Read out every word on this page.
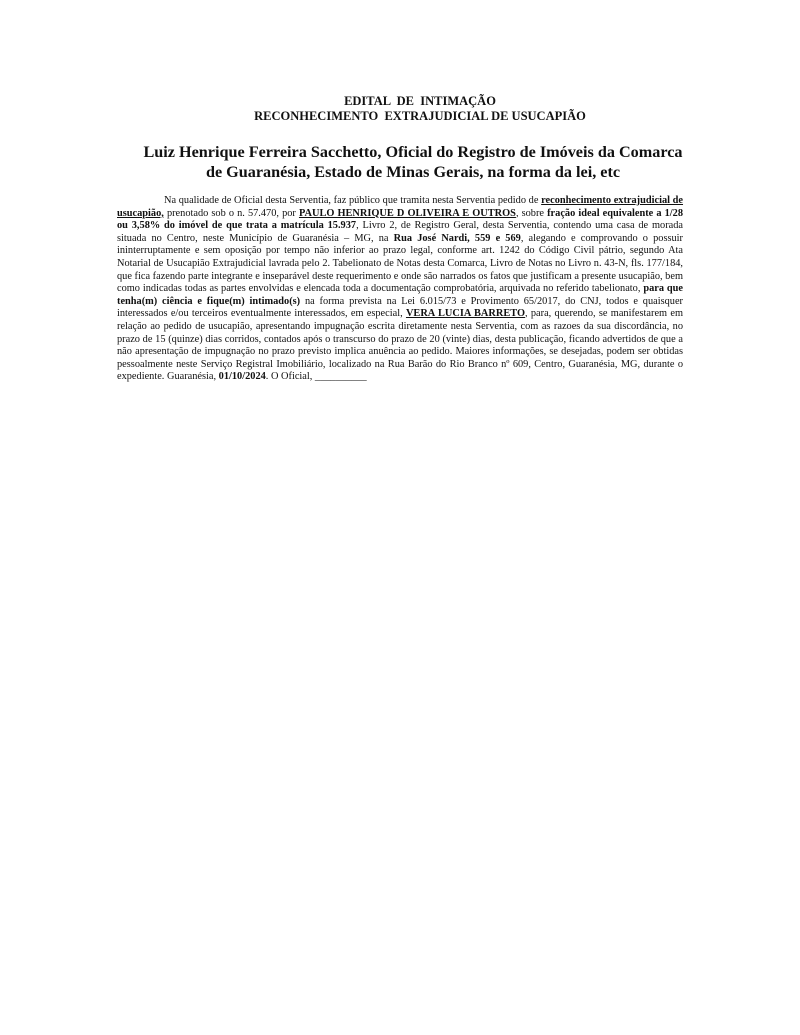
EDITAL  DE  INTIMAÇÃO
RECONHECIMENTO  EXTRAJUDICIAL DE USUCAPIÃO
Luiz Henrique Ferreira Sacchetto, Oficial do Registro de Imóveis da Comarca
de Guaranésia, Estado de Minas Gerais, na forma da lei, etc

Na qualidade de Oficial desta Serventia, faz público que tramita nesta Serventia pedido de reconhecimento extrajudicial de usucapião, prenotado sob o n. 57.470, por PAULO HENRIQUE D OLIVEIRA E OUTROS, sobre fração ideal equivalente a 1/28 ou 3,58% do imóvel de que trata a matrícula 15.937, Livro 2, de Registro Geral, desta Serventia, contendo uma casa de morada situada no Centro, neste Município de Guaranésia – MG, na Rua José Nardi, 559 e 569, alegando e comprovando o possuir ininterruptamente e sem oposição por tempo não inferior ao prazo legal, conforme art. 1242 do Código Civil pátrio, segundo Ata Notarial de Usucapião Extrajudicial lavrada pelo 2. Tabelionato de Notas desta Comarca, Livro de Notas no Livro n. 43-N, fls. 177/184, que fica fazendo parte integrante e inseparável deste requerimento e onde são narrados os fatos que justificam a presente usucapião, bem como indicadas todas as partes envolvidas e elencada toda a documentação comprobatória, arquivada no referido tabelionato, para que tenha(m) ciência e fique(m) intimado(s) na forma prevista na Lei 6.015/73 e Provimento 65/2017, do CNJ, todos e quaisquer interessados e/ou terceiros eventualmente interessados, em especial, VERA LUCIA BARRETO, para, querendo, se manifestarem em relação ao pedido de usucapião, apresentando impugnação escrita diretamente nesta Serventia, com as razoes da sua discordância, no prazo de 15 (quinze) dias corridos, contados após o transcurso do prazo de 20 (vinte) dias, desta publicação, ficando advertidos de que a não apresentação de impugnação no prazo previsto implica anuência ao pedido. Maiores informações, se desejadas, podem ser obtidas pessoalmente neste Serviço Registral Imobiliário, localizado na Rua Barão do Rio Branco nº 609, Centro, Guaranésia, MG, durante o expediente. Guaranésia, 01/10/2024. O Oficial, __________
